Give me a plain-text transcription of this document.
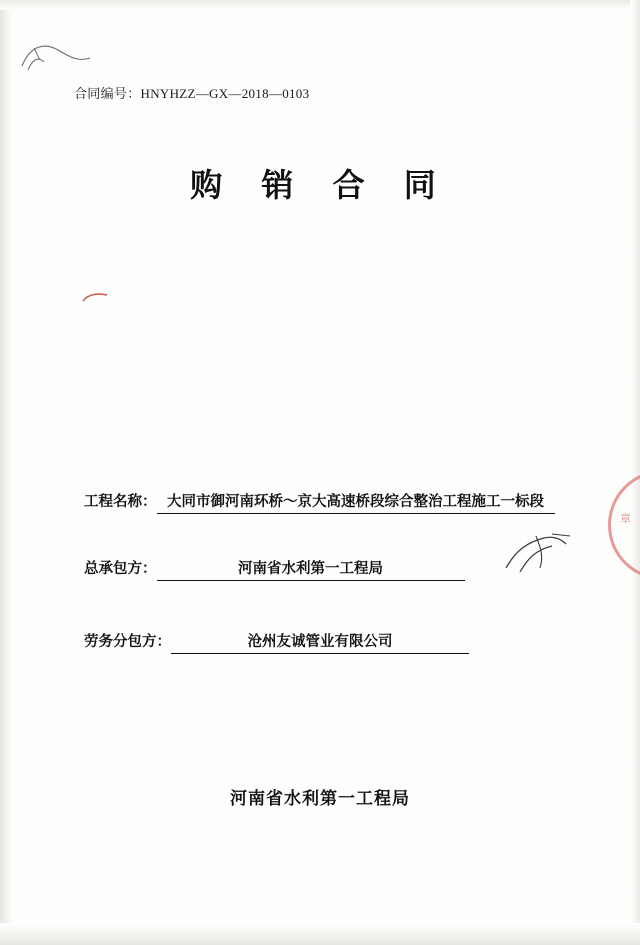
合同编号：HNYHZZ—GX—2018—0103
购 销 合 同
工程名称： 大同市御河南环桥～京大高速桥段综合整治工程施工一标段
总承包方：	河南省水利第一工程局
劳务分包方：	沧州友诚管业有限公司
章
河南省水利第一工程局
